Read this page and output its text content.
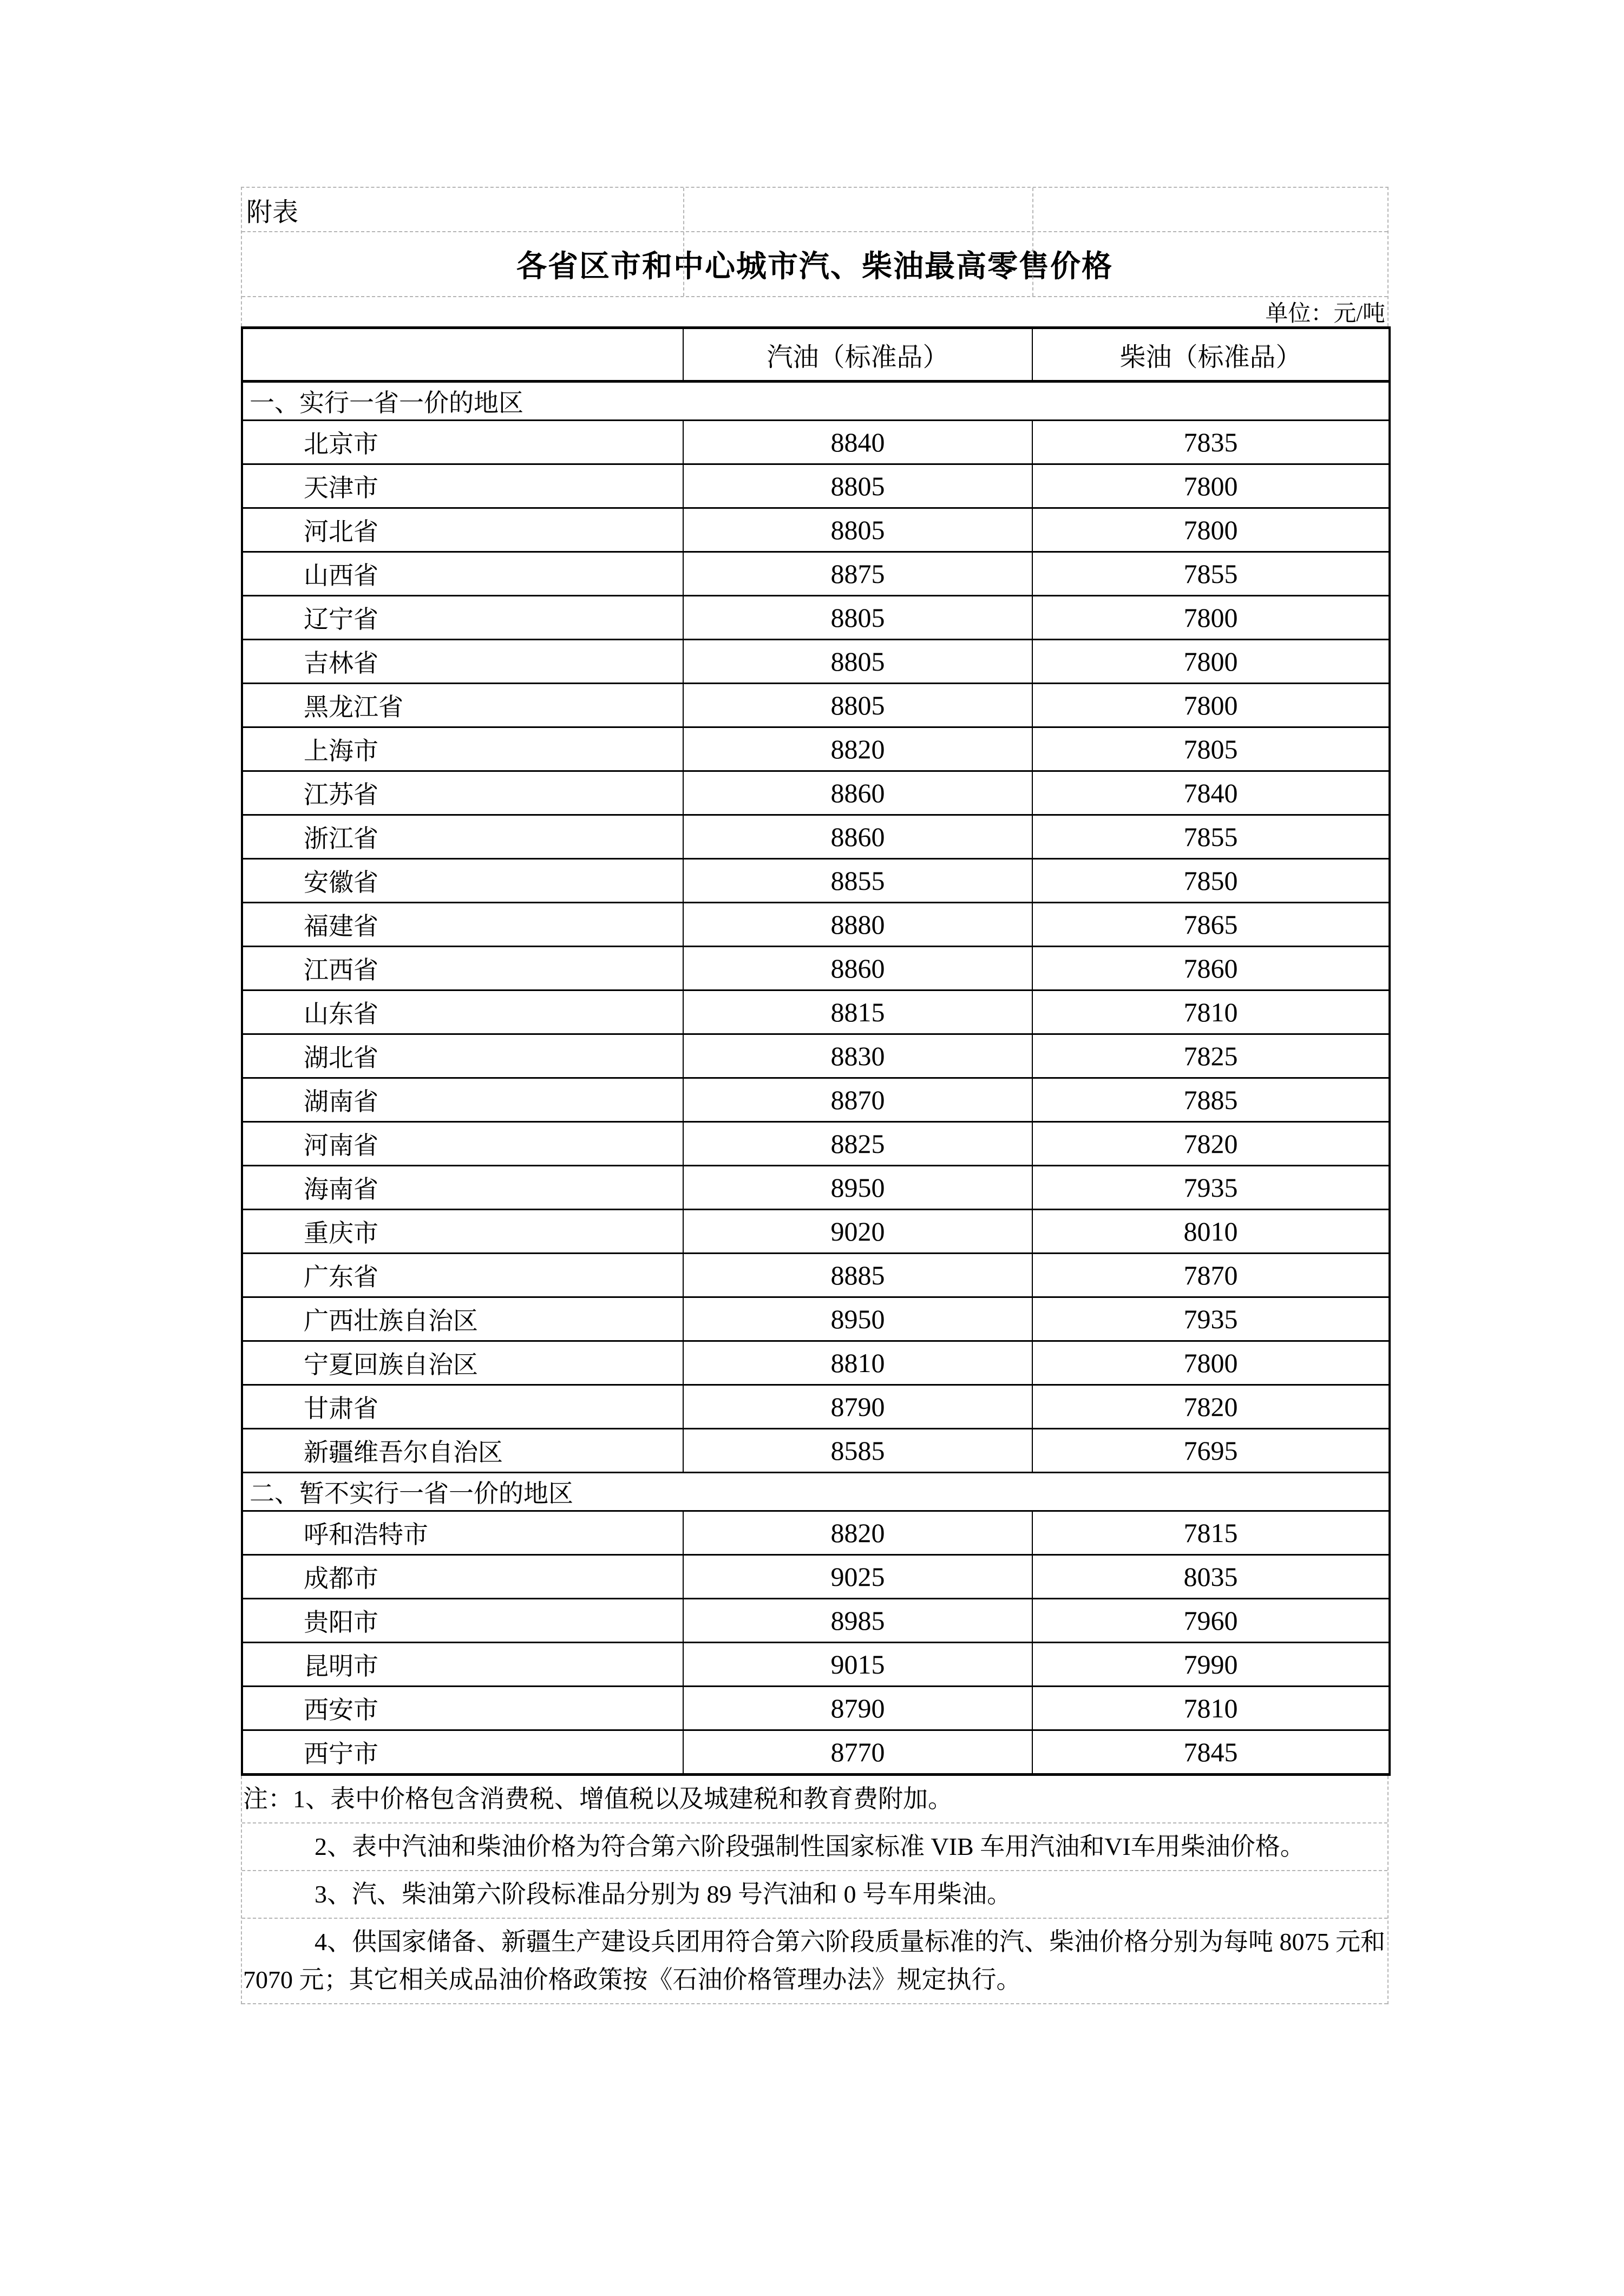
附表
各省区市和中心城市汽、柴油最高零售价格
单位：元/吨
	汽油（标准品）	柴油（标准品）
一、实行一省一价的地区		
北京市	8840	7835
天津市	8805	7800
河北省	8805	7800
山西省	8875	7855
辽宁省	8805	7800
吉林省	8805	7800
黑龙江省	8805	7800
上海市	8820	7805
江苏省	8860	7840
浙江省	8860	7855
安徽省	8855	7850
福建省	8880	7865
江西省	8860	7860
山东省	8815	7810
湖北省	8830	7825
湖南省	8870	7885
河南省	8825	7820
海南省	8950	7935
重庆市	9020	8010
广东省	8885	7870
广西壮族自治区	8950	7935
宁夏回族自治区	8810	7800
甘肃省	8790	7820
新疆维吾尔自治区	8585	7695
二、暂不实行一省一价的地区		
呼和浩特市	8820	7815
成都市	9025	8035
贵阳市	8985	7960
昆明市	9015	7990
西安市	8790	7810
西宁市	8770	7845
注：1、表中价格包含消费税、增值税以及城建税和教育费附加。
2、表中汽油和柴油价格为符合第六阶段强制性国家标准 VIB 车用汽油和VI车用柴油价格。
3、汽、柴油第六阶段标准品分别为 89 号汽油和 0 号车用柴油。
4、供国家储备、新疆生产建设兵团用符合第六阶段质量标准的汽、柴油价格分别为每吨 8075 元和 7070 元；其它相关成品油价格政策按《石油价格管理办法》规定执行。
